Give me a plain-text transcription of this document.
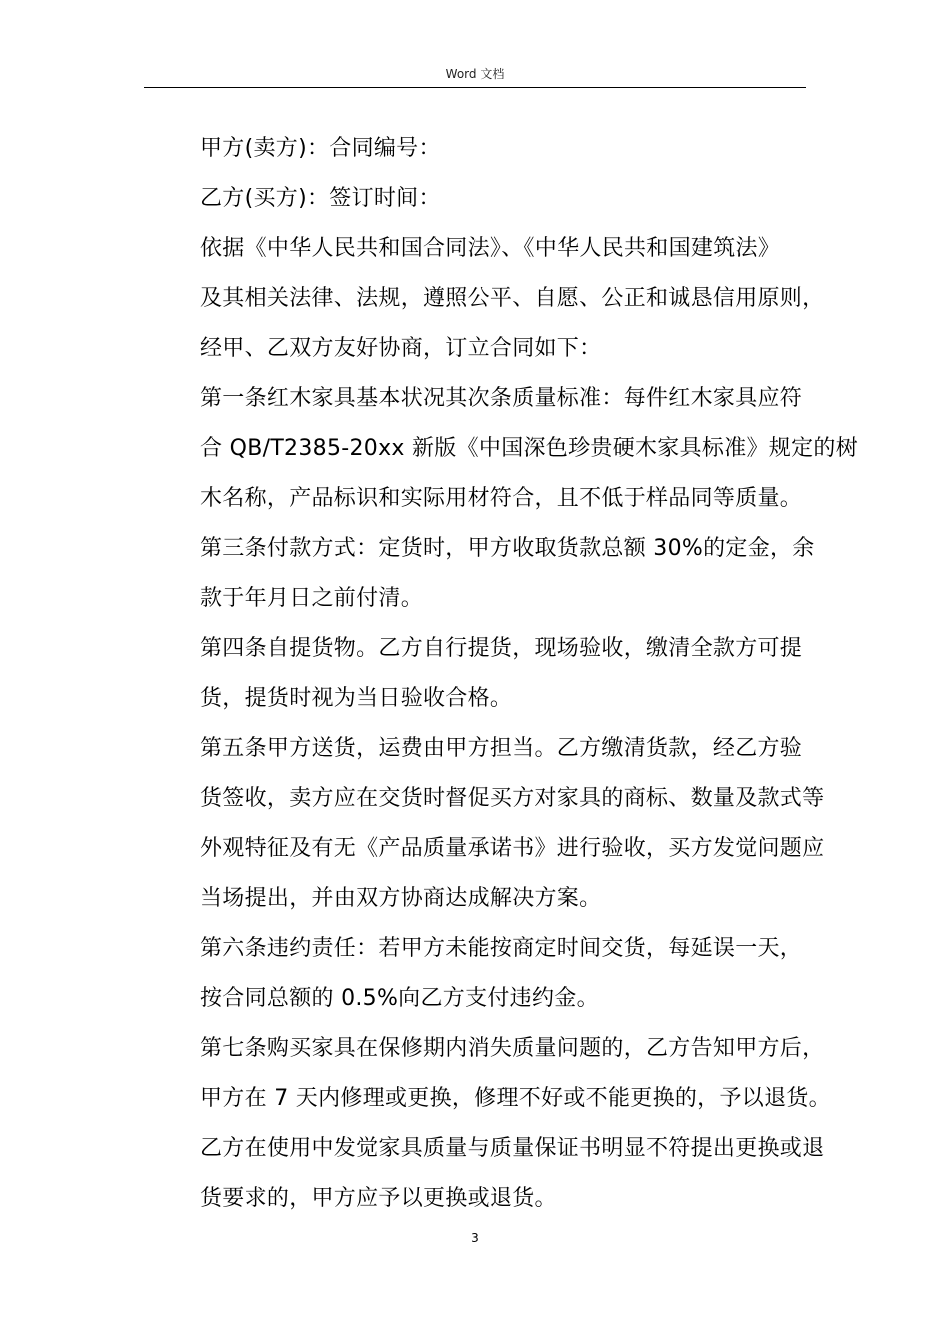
Word 文档

甲方(卖方)：合同编号：

乙方(买方)：签订时间：

依据《中华人民共和国合同法》、《中华人民共和国建筑法》
及其相关法律、法规，遵照公平、自愿、公正和诚恳信用原则，
经甲、乙双方友好协商，订立合同如下：

第一条红木家具基本状况其次条质量标准：每件红木家具应符
合 QB/T2385-20xx 新版《中国深色珍贵硬木家具标准》规定的树
木名称，产品标识和实际用材符合，且不低于样品同等质量。

第三条付款方式：定货时，甲方收取货款总额 30%的定金，余
款于年月日之前付清。

第四条自提货物。乙方自行提货，现场验收，缴清全款方可提
货，提货时视为当日验收合格。

第五条甲方送货，运费由甲方担当。乙方缴清货款，经乙方验
货签收，卖方应在交货时督促买方对家具的商标、数量及款式等
外观特征及有无《产品质量承诺书》进行验收，买方发觉问题应
当场提出，并由双方协商达成解决方案。

第六条违约责任：若甲方未能按商定时间交货，每延误一天，
按合同总额的 0.5%向乙方支付违约金。

第七条购买家具在保修期内消失质量问题的，乙方告知甲方后，
甲方在 7 天内修理或更换，修理不好或不能更换的，予以退货。
乙方在使用中发觉家具质量与质量保证书明显不符提出更换或退
货要求的，甲方应予以更换或退货。

3
